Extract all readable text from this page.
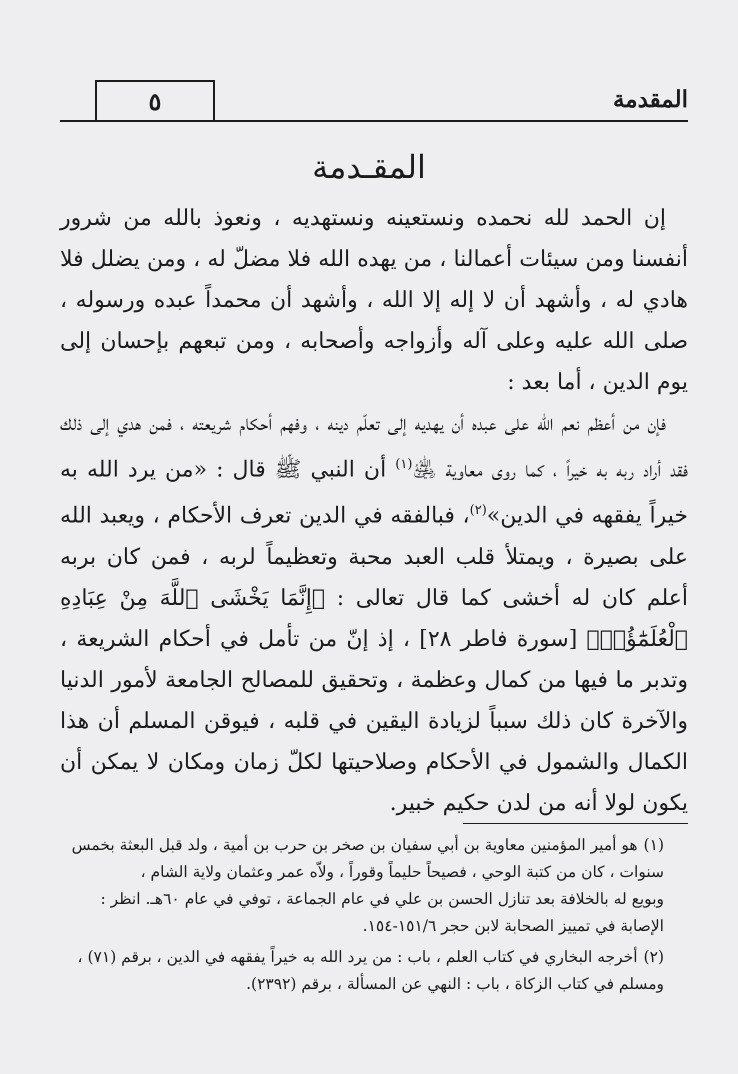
٥	المقدمة
المقـدمة

إن الحمد لله نحمده ونستعينه ونستهديه ، ونعوذ بالله من شرور أنفسنا ومن سيئات أعمالنا ، من يهده الله فلا مضلّ له ، ومن يضلل فلا هادي له ، وأشهد أن لا إله إلا الله ، وأشهد أن محمداً عبده ورسوله ، صلى الله عليه وعلى آله وأزواجه وأصحابه ، ومن تبعهم بإحسان إلى يوم الدين ، أما بعد :

فإن من أعظم نعم الله على عبده أن يهديه إلى تعلّم دينه ، وفهم أحكام شريعته ، فمن هدي إلى ذلك فقد أراد ربه به خيراً ، كما روى معاوية ﵁$^{(١)}$ أن النبي ﷺ قال : «من يرد الله به خيراً يفقهه في الدين»$^{(٢)}$، فبالفقه في الدين تعرف الأحكام ، ويعبد الله على بصيرة ، ويمتلأ قلب العبد محبة وتعظيماً لربه ، فمن كان بربه أعلم كان له أخشى كما قال تعالى : ﴿إِنَّمَا يَخْشَى ٱللَّهَ مِنْ عِبَادِهِ ٱلْعُلَمَٰٓؤُا۟﴾ [سورة فاطر ٢٨] ، إذ إنّ من تأمل في أحكام الشريعة ، وتدبر ما فيها من كمال وعظمة ، وتحقيق للمصالح الجامعة لأمور الدنيا والآخرة كان ذلك سبباً لزيادة اليقين في قلبه ، فيوقن المسلم أن هذا الكمال والشمول في الأحكام وصلاحيتها لكلّ زمان ومكان لا يمكن أن يكون لولا أنه من لدن حكيم خبير.

(١)هو أمير المؤمنين معاوية بن أبي سفيان بن صخر بن حرب بن أمية ، ولد قبل البعثة بخمس
سنوات ، كان من كتبة الوحي ، فصيحاً حليماً وقوراً ، ولاّه عمر وعثمان ولاية الشام ،
وبويع له بالخلافة بعد تنازل الحسن بن علي في عام الجماعة ، توفي في عام ٦٠هـ. انظر :
الإصابة في تمييز الصحابة لابن حجر ١٥١/٦-١٥٤.
(٢)أخرجه البخاري في كتاب العلم ، باب : من يرد الله به خيراً يفقهه في الدين ، برقم (٧١) ،
ومسلم في كتاب الزكاة ، باب : النهي عن المسألة ، برقم (٢٣٩٢).
